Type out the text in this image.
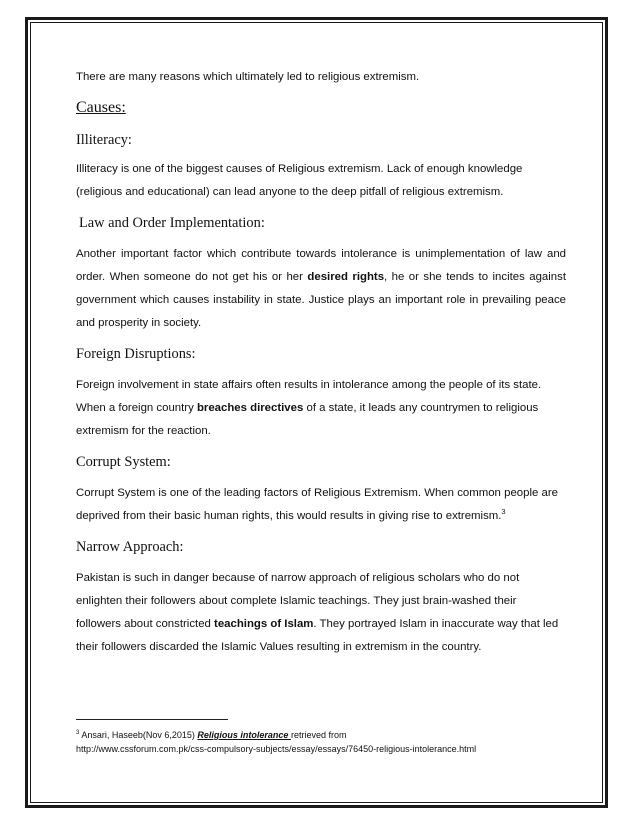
There are many reasons which ultimately led to religious extremism.

Causes:
Illiteracy:
Illiteracy is one of the biggest causes of Religious extremism. Lack of enough knowledge
(religious and educational) can lead anyone to the deep pitfall of religious extremism.
Law and Order Implementation:
Another important factor which contribute towards intolerance is unimplementation of law and
order. When someone do not get his or her desired rights, he or she tends to incites against
government which causes instability in state. Justice plays an important role in prevailing peace
and prosperity in society.
Foreign Disruptions:
Foreign involvement in state affairs often results in intolerance among the people of its state.
When a foreign country breaches directives of a state, it leads any countrymen to religious
extremism for the reaction.
Corrupt System:
Corrupt System is one of the leading factors of Religious Extremism. When common people are
deprived from their basic human rights, this would results in giving rise to extremism.$^3$
Narrow Approach:
Pakistan is such in danger because of narrow approach of religious scholars who do not
enlighten their followers about complete Islamic teachings. They just brain-washed their
followers about constricted teachings of Islam. They portrayed Islam in inaccurate way that led
their followers discarded the Islamic Values resulting in extremism in the country.
$^3$ Ansari, Haseeb(Nov 6,2015) Religious intolerance retrieved from
http://www.cssforum.com.pk/css-compulsory-subjects/essay/essays/76450-religious-intolerance.html
